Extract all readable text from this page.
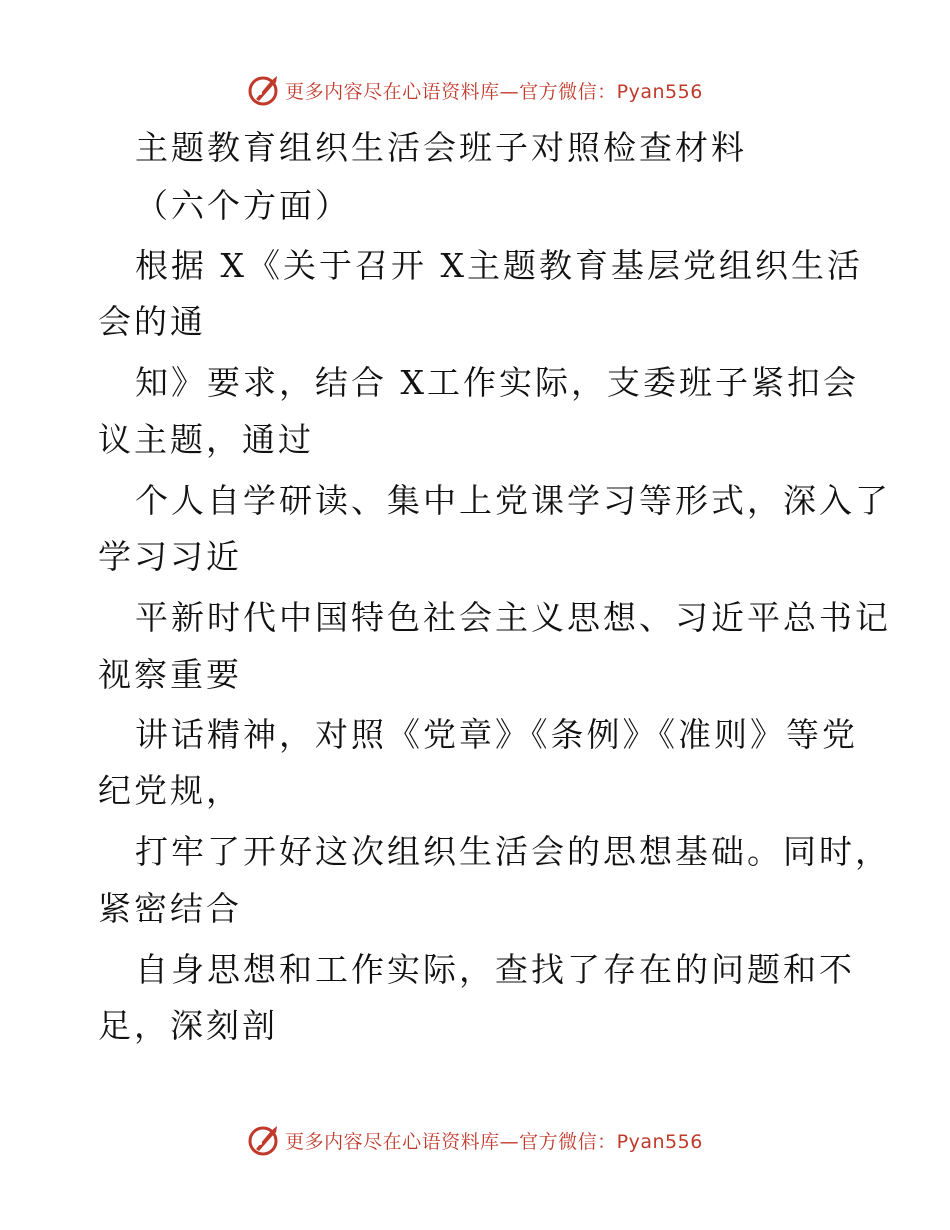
更多内容尽在心语资料库—官方微信：Pyan556
主题教育组织生活会班子对照检查材料
（六个方面）
根据 X《关于召开 X主题教育基层党组织生活
会的通
知》要求，结合 X工作实际，支委班子紧扣会
议主题，通过
个人自学研读、集中上党课学习等形式，深入了
学习习近
平新时代中国特色社会主义思想、习近平总书记
视察重要
讲话精神，对照《党章》《条例》《准则》等党
纪党规，
打牢了开好这次组织生活会的思想基础。同时，
紧密结合
自身思想和工作实际，查找了存在的问题和不
足，深刻剖
更多内容尽在心语资料库—官方微信：Pyan556
